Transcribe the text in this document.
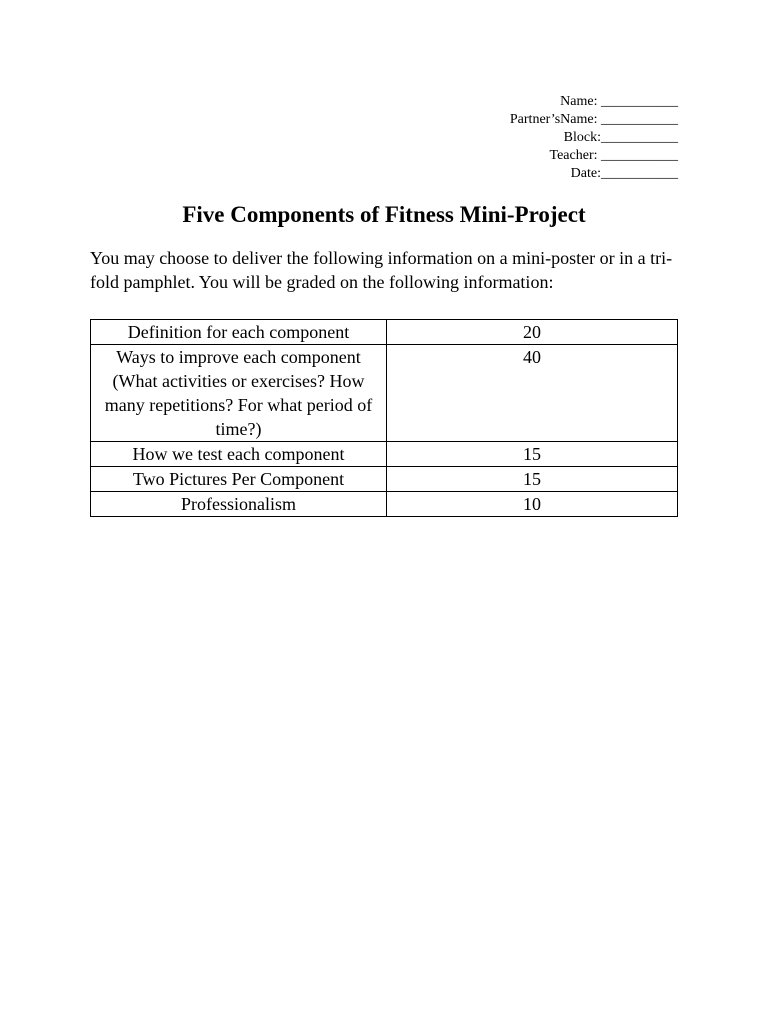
Name: ___________
Partner’sName: ___________
Block:___________
Teacher: ___________
Date:___________
Five Components of Fitness Mini-Project

You may choose to deliver the following information on a mini-poster or in a tri-fold pamphlet. You will be graded on the following information:

Definition for each component	20
Ways to improve each component (What activities or exercises? How many repetitions? For what period of time?)	40
How we test each component	15
Two Pictures Per Component	15
Professionalism	10
